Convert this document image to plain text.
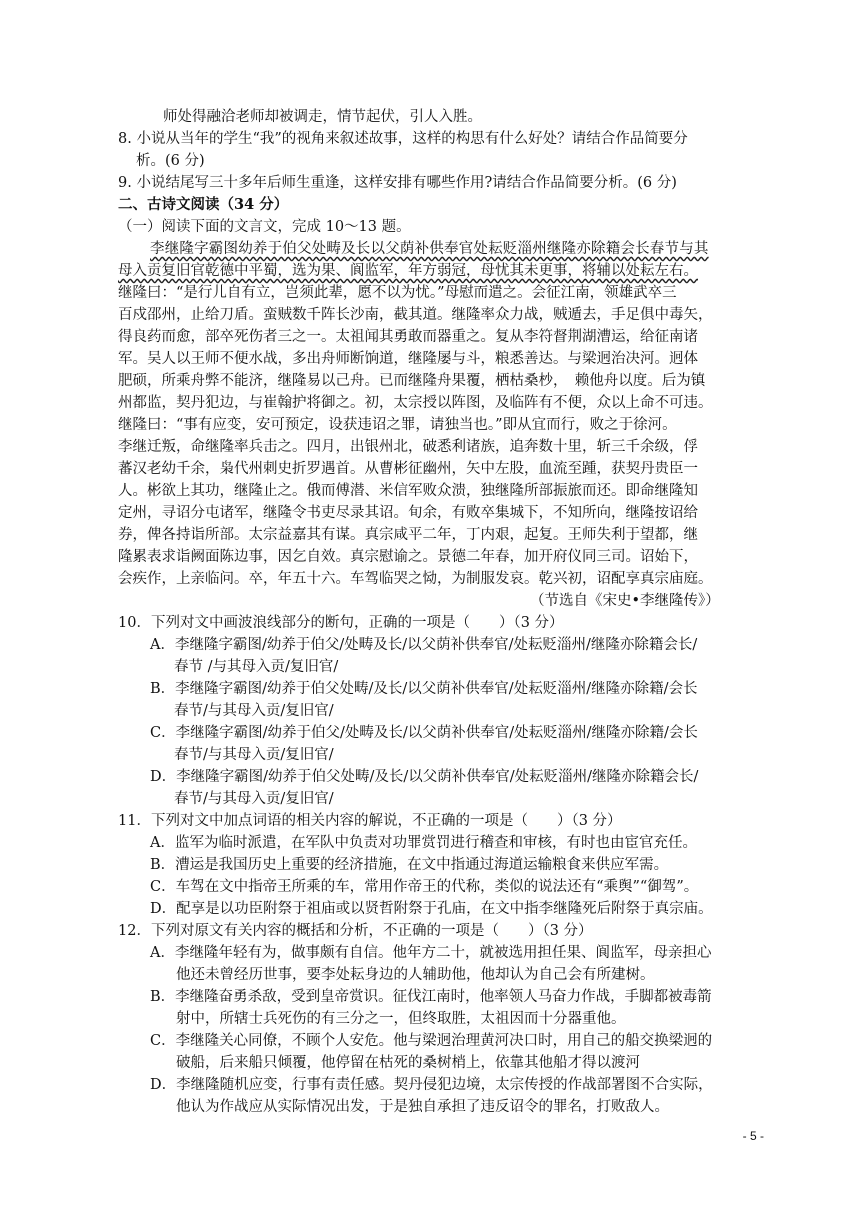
师处得融洽老师却被调走，情节起伏，引人入胜。
8. 小说从当年的学生“我”的视角来叙述故事，这样的构思有什么好处？请结合作品简要分
析。(6 分)
9. 小说结尾写三十多年后师生重逢，这样安排有哪些作用?请结合作品简要分析。(6 分)
二、古诗文阅读（34 分）
（一）阅读下面的文言文，完成 10～13 题。
李继隆字霸图幼养于伯父处畴及长以父荫补供奉官处耘贬淄州继隆亦除籍会长春节与其
母入贡复旧官乾德中平蜀，选为果、阆监军，年方弱冠，母忧其未更事，将辅以处耘左右。
继隆曰：“是行儿自有立，岂须此辈，愿不以为忧。”母慰而遣之。会征江南，领雄武卒三
百戍邵州，止给刀盾。蛮贼数千阵长沙南，截其道。继隆率众力战，贼遁去，手足俱中毒矢，
得良药而愈，部卒死伤者三之一。太祖闻其勇敢而器重之。复从李符督荆湖漕运，给征南诸
军。吴人以王师不便水战，多出舟师断饷道，继隆屡与斗，粮悉善达。与梁迥治决河。迥体
肥硕，所乘舟弊不能济，继隆易以己舟。已而继隆舟果覆，栖枯桑杪，　赖他舟以度。后为镇
州都监，契丹犯边，与崔翰护将御之。初，太宗授以阵图，及临阵有不便，众以上命不可违。
继隆曰：“事有应变，安可预定，设获违诏之罪，请独当也。”即从宜而行，败之于徐河。
李继迁叛，命继隆率兵击之。四月，出银州北，破悉利诸族，追奔数十里，斩三千余级，俘
蕃汉老幼千余，枭代州刺史折罗遇首。从曹彬征幽州，矢中左股，血流至踵，获契丹贵臣一
人。彬欲上其功，继隆止之。俄而傅潜、米信军败众溃，独继隆所部振旅而还。即命继隆知
定州，寻诏分屯诸军，继隆令书吏尽录其诏。旬余，有败卒集城下，不知所向，继隆按诏给
券，俾各持诣所部。太宗益嘉其有谋。真宗咸平二年，丁内艰，起复。王师失利于望都，继
隆累表求诣阙面陈边事，因乞自效。真宗慰谕之。景德二年春，加开府仪同三司。诏始下，
会疾作，上亲临问。卒，年五十六。车驾临哭之恸，为制服发哀。乾兴初，诏配享真宗庙庭。
（节选自《宋史•李继隆传》）
10．下列对文中画波浪线部分的断句，正确的一项是（　　）（3 分）
A．李继隆字霸图/幼养于伯父/处畴及长/以父荫补供奉官/处耘贬淄州/继隆亦除籍会长/
春节 /与其母入贡/复旧官/
B．李继隆字霸图/幼养于伯父处畴/及长/以父荫补供奉官/处耘贬淄州/继隆亦除籍/会长
春节/与其母入贡/复旧官/
C．李继隆字霸图/幼养于伯父/处畴及长/以父荫补供奉官/处耘贬淄州/继隆亦除籍/会长
春节/与其母入贡/复旧官/
D．李继隆字霸图/幼养于伯父处畴/及长/以父荫补供奉官/处耘贬淄州/继隆亦除籍会长/
春节/与其母入贡/复旧官/
11．下列对文中加点词语的相关内容的解说，不正确的一项是（　　）（3 分）
A．监军为临时派遣，在军队中负责对功罪赏罚进行稽查和审核，有时也由宦官充任。
B．漕运是我国历史上重要的经济措施，在文中指通过海道运输粮食来供应军需。
C．车驾在文中指帝王所乘的车，常用作帝王的代称，类似的说法还有“乘舆”“御驾”。
D．配享是以功臣附祭于祖庙或以贤哲附祭于孔庙，在文中指李继隆死后附祭于真宗庙。
12．下列对原文有关内容的概括和分析，不正确的一项是（　　）（3 分）
A．李继隆年轻有为，做事颇有自信。他年方二十，就被选用担任果、阆监军，母亲担心
他还未曾经历世事，要李处耘身边的人辅助他，他却认为自己会有所建树。
B．李继隆奋勇杀敌，受到皇帝赏识。征伐江南时，他率领人马奋力作战，手脚都被毒箭
射中，所辖士兵死伤的有三分之一，但终取胜，太祖因而十分器重他。
C．李继隆关心同僚，不顾个人安危。他与梁迥治理黄河决口时，用自己的船交换梁迥的
破船，后来船只倾覆，他停留在枯死的桑树梢上，依靠其他船才得以渡河
D．李继隆随机应变，行事有责任感。契丹侵犯边境，太宗传授的作战部署图不合实际，
他认为作战应从实际情况出发，于是独自承担了违反诏令的罪名，打败敌人。
- 5 -
